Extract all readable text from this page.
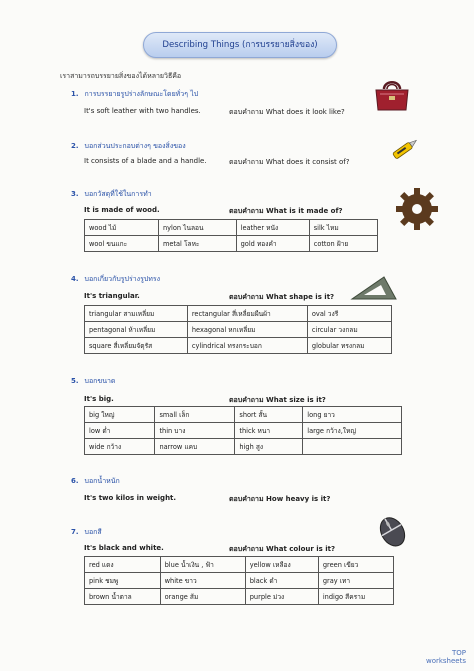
Describing Things (การบรรยายสิ่งของ)
เราสามารถบรรยายสิ่งของได้หลายวิธีคือ
1. การบรรยายรูปร่างลักษณะโดยทั่วๆ ไป
It's soft leather with two handles.	ตอบคำถาม What does it look like?
2. บอกส่วนประกอบต่างๆ ของสิ่งของ
It consists of a blade and a handle.	ตอบคำถาม What does it consist of?
3. บอกวัสดุที่ใช้ในการทำ
It is made of wood.	ตอบคำถาม What is it made of?
wood ไม้	nylon ไนลอน	leather หนัง	silk ไหม
wool ขนแกะ	metal โลหะ	gold ทองคำ	cotton ฝ้าย
4. บอกเกี่ยวกับรูปร่างรูปทรง
It's triangular.	ตอบคำถาม What shape is it?
triangular สามเหลี่ยม	rectangular สี่เหลี่ยมผืนผ้า	oval วงรี
pentagonal ห้าเหลี่ยม	hexagonal หกเหลี่ยม	circular วงกลม
square สี่เหลี่ยมจัตุรัส	cylindrical ทรงกระบอก	globular ทรงกลม
5. บอกขนาด
It's big.	ตอบคำถาม What size is it?
big ใหญ่	small เล็ก	short สั้น	long ยาว
low ต่ำ	thin บาง	thick หนา	large กว้าง,ใหญ่
wide กว้าง	narrow แคบ	high สูง	
6. บอกน้ำหนัก
It's two kilos in weight.	ตอบคำถาม How heavy is it?
7. บอกสี
It's black and white.	ตอบคำถาม What colour is it?
red แดง	blue น้ำเงิน , ฟ้า	yellow เหลือง	green เขียว
pink ชมพู	white ขาว	black ดำ	gray เทา
brown น้ำตาล	orange ส้ม	purple ม่วง	indigo สีคราม
TOP
worksheets
